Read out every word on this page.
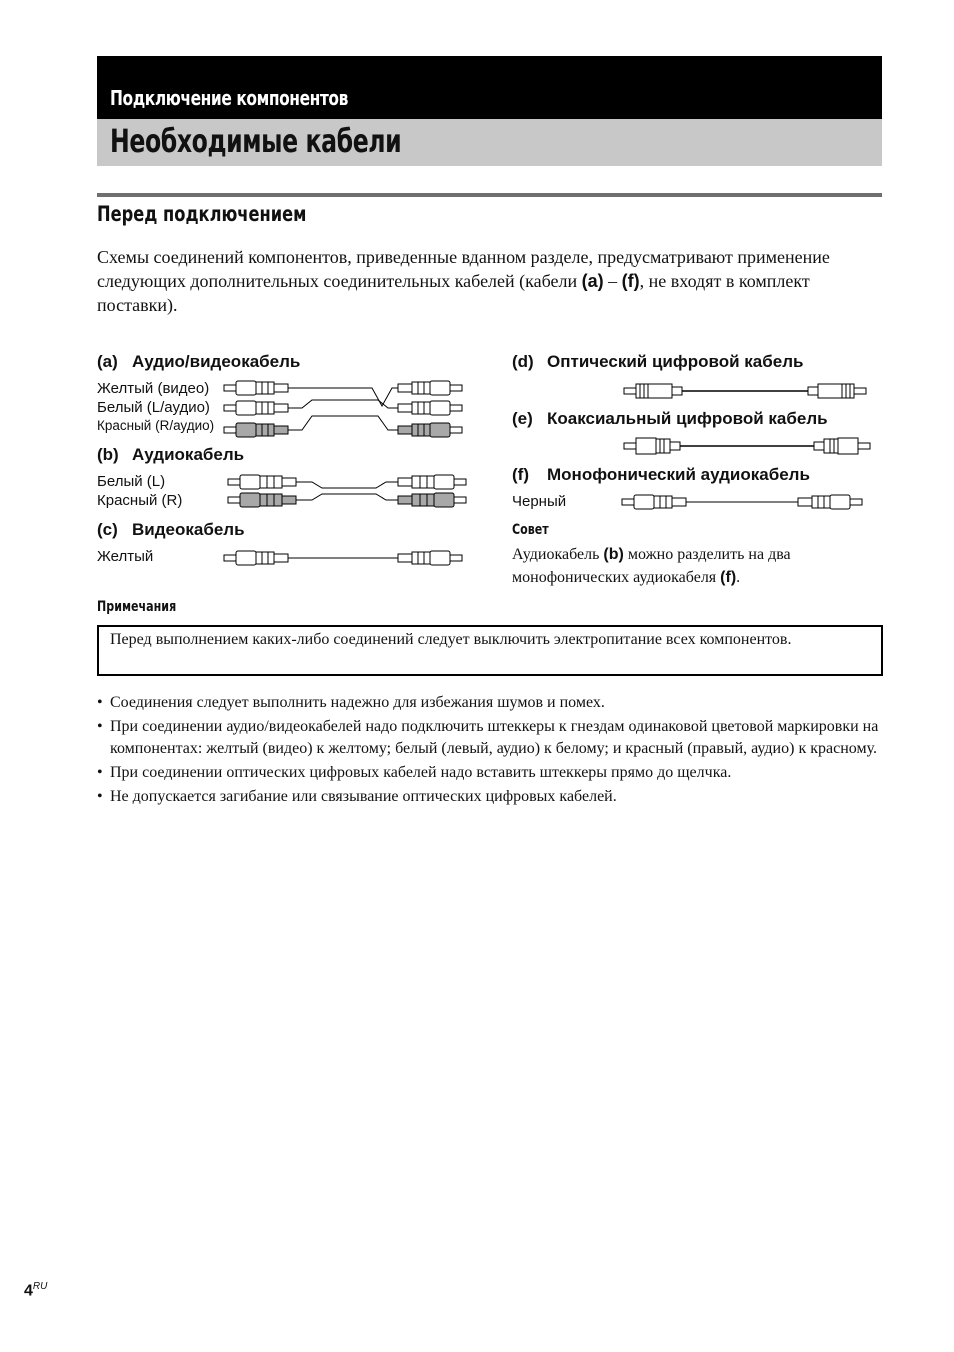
Подключение компонентов
Необходимые кабели
Перед подключением
Схемы соединений компонентов, приведенные вданном разделе, предусматривают применение следующих дополнительных соединительных кабелей (кабели (a) – (f), не входят в комплект поставки).
(a) Аудио/видеокабель
Желтый (видео)
Белый (L/аудио)
Красный (R/аудио)
(b) Аудиокабель
Белый (L)
Красный (R)
(c) Видеокабель
Желтый
(d) Оптический цифровой кабель
(e) Коаксиальный цифровой кабель
(f) Монофонический аудиокабель
Черный
Совет
Аудиокабель (b) можно разделить на два монофонических аудиокабеля (f).
Примечания
Перед выполнением каких-либо соединений следует выключить электропитание всех компонентов.
• Соединения следует выполнить надежно для избежания шумов и помех.
• При соединении аудио/видеокабелей надо подключить штеккеры к гнездам одинаковой цветовой маркировки на компонентах: желтый (видео) к желтому; белый (левый, аудио) к белому; и красный (правый, аудио) к красному.
• При соединении оптических цифровых кабелей надо вставить штеккеры прямо до щелчка.
• Не допускается загибание или связывание оптических цифровых кабелей.
$4^{RU}$
